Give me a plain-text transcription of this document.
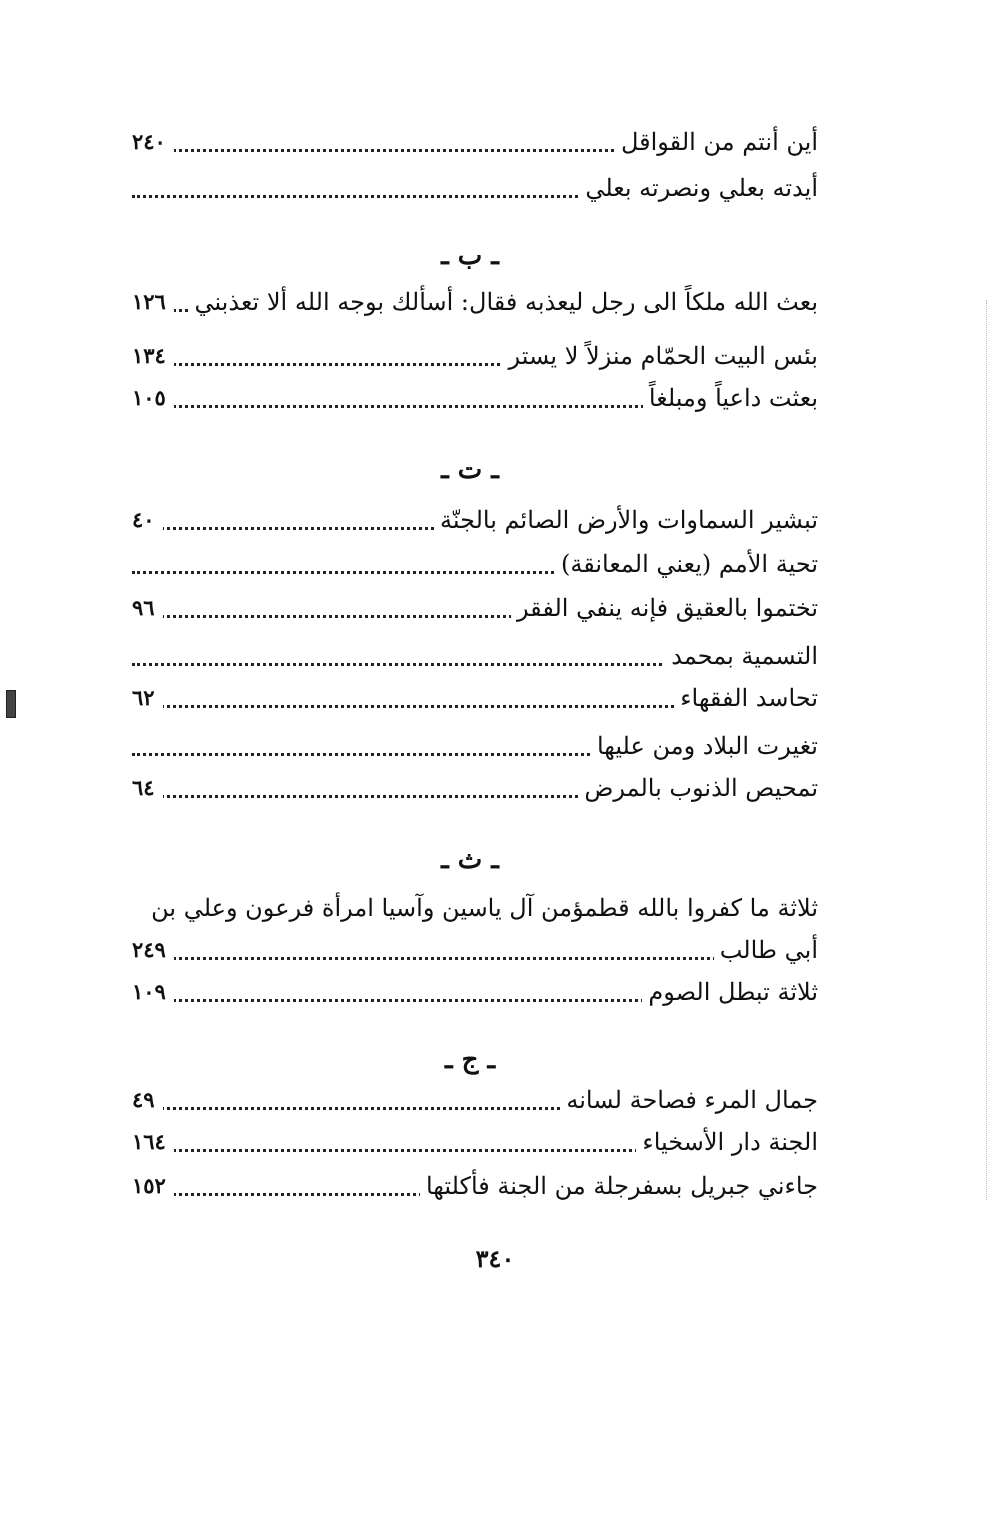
أين أنتم من القواقل
٢٤٠
أيدته بعلي ونصرته بعلي
ـ ب ـ
بعث الله ملكاً الى رجل ليعذبه فقال: أسألك بوجه الله ألا تعذبني
١٢٦
بئس البيت الحمّام منزلاً لا يستر
١٣٤
بعثت داعياً ومبلغاً
١٠٥
ـ ت ـ
تبشير السماوات والأرض الصائم بالجنّة
٤٠
تحية الأمم (يعني المعانقة)
تختموا بالعقيق فإنه ينفي الفقر
٩٦
التسمية بمحمد
تحاسد الفقهاء
٦٢
تغيرت البلاد ومن عليها
تمحيص الذنوب بالمرض
٦٤
ـ ث ـ
ثلاثة ما كفروا بالله قطمؤمن آل ياسين وآسيا امرأة فرعون وعلي بن
أبي طالب
٢٤٩
ثلاثة تبطل الصوم
١٠٩
ـ ج ـ
جمال المرء فصاحة لسانه
٤٩
الجنة دار الأسخياء
١٦٤
جاءني جبريل بسفرجلة من الجنة فأكلتها
١٥٢
٣٤٠
